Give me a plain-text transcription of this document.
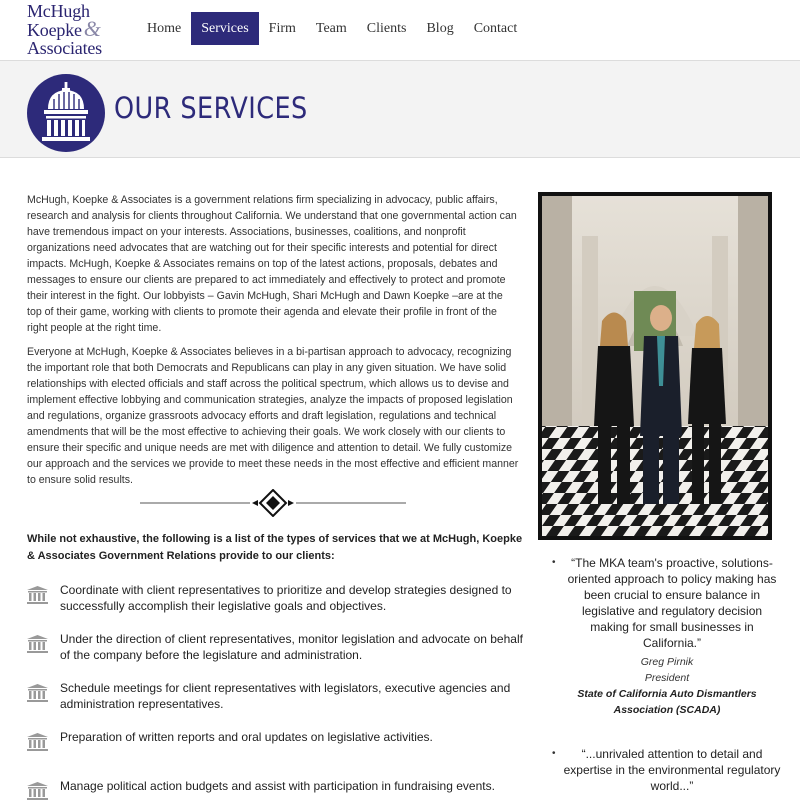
McHugh
Koepke&
Associates
Home	Services	Firm	Team	Clients	Blog	Contact
OUR SERVICES

McHugh, Koepke & Associates is a government relations firm specializing in advocacy, public affairs, research and analysis for clients throughout California. We understand that one governmental action can have tremendous impact on your interests. Associations, businesses, coalitions, and nonprofit organizations need advocates that are watching out for their specific interests and potential for direct impacts. McHugh, Koepke & Associates remains on top of the latest actions, proposals, debates and messages to ensure our clients are prepared to act immediately and effectively to protect and promote their interest in the fight. Our lobbyists – Gavin McHugh, Shari McHugh and Dawn Koepke –are at the top of their game, working with clients to promote their agenda and elevate their profile in front of the right people at the right time.

Everyone at McHugh, Koepke & Associates believes in a bi-partisan approach to advocacy, recognizing the important role that both Democrats and Republicans can play in any given situation. We have solid relationships with elected officials and staff across the political spectrum, which allows us to devise and implement effective lobbying and communication strategies, analyze the impacts of proposed legislation and regulations, organize grassroots advocacy efforts and draft legislation, regulations and technical amendments that will be the most effective to achieving their goals. We work closely with our clients to ensure their specific and unique needs are met with diligence and attention to detail. We fully customize our approach and the services we provide to meet these needs in the most effective and efficient manner to ensure solid results.

While not exhaustive, the following is a list of the types of services that we at McHugh, Koepke & Associates Government Relations provide to our clients:
Coordinate with client representatives to prioritize and develop strategies designed to successfully accomplish their legislative goals and objectives.
Under the direction of client representatives, monitor legislation and advocate on behalf of the company before the legislature and administration.
Schedule meetings for client representatives with legislators, executive agencies and administration representatives.
Preparation of written reports and oral updates on legislative activities.
Manage political action budgets and assist with participation in fundraising events.
•	“The MKA team's proactive, solutions-oriented approach to policy making has been crucial to ensure balance in legislative and regulatory decision making for small businesses in California.”
Greg Pirnik
President
State of California Auto Dismantlers Association (SCADA)
•	“...unrivaled attention to detail and expertise in the environmental regulatory world...”
